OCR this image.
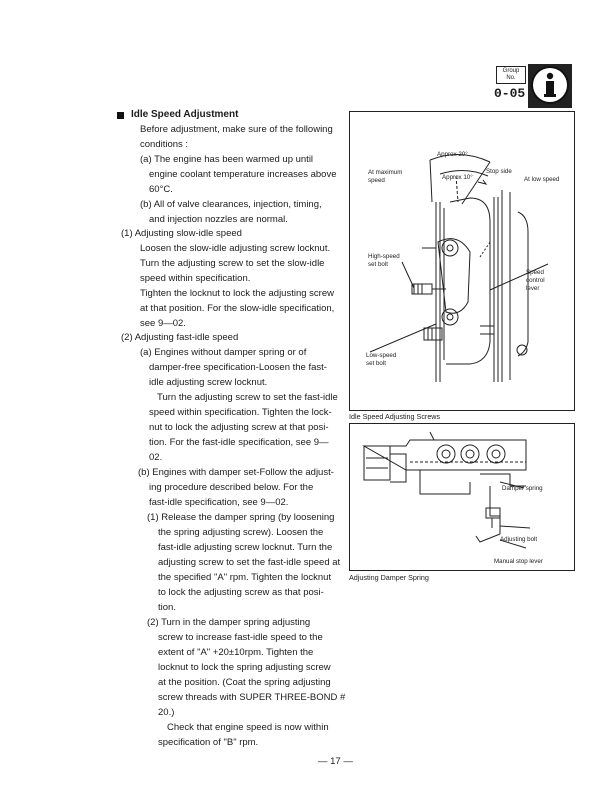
Group
No.
0-05
Idle Speed Adjustment
Before adjustment, make sure of the following
conditions :
(a) The engine has been warmed up until
engine coolant temperature increases above
60°C.
(b) All of valve clearances, injection, timing,
and injection nozzles are normal.
(1) Adjusting slow-idle speed
Loosen the slow-idle adjusting screw locknut.
Turn the adjusting screw to set the slow-idle
speed within specification.
Tighten the locknut to lock the adjusting screw
at that position. For the slow-idle specification,
see 9—02.
(2) Adjusting fast-idle speed
(a) Engines without damper spring or of
damper-free specification-Loosen the fast-
idle adjusting screw locknut.
Turn the adjusting screw to set the fast-idle
speed within specification. Tighten the lock-
nut to lock the adjusting screw at that posi-
tion. For the fast-idle specification, see 9—
02.
(b) Engines with damper set-Follow the adjust-
ing procedure described below. For the
fast-idle specification, see 9—02.
(1) Release the damper spring (by loosening
the spring adjusting screw). Loosen the
fast-idle adjusting screw locknut. Turn the
adjusting screw to set the fast-idle speed at
the specified "A" rpm. Tighten the locknut
to lock the adjusting screw as that posi-
tion.
(2) Turn in the damper spring adjusting
screw to increase fast-idle speed to the
extent of "A" +20±10rpm. Tighten the
locknut to lock the spring adjusting screw
at the position. (Coat the spring adjusting
screw threads with SUPER THREE-BOND #
20.)
Check that engine speed is now within
specification of "B" rpm.
Approx 20°
Approx 10°
Stop side
At maximum
speed	At low speed
High-speed
set bolt
Speed
control
lever
Low-speed
set bolt
Idle Speed Adjusting Screws
Damper spring
Adjusting bolt
Manual stop lever
Adjusting Damper Spring
— 17 —
